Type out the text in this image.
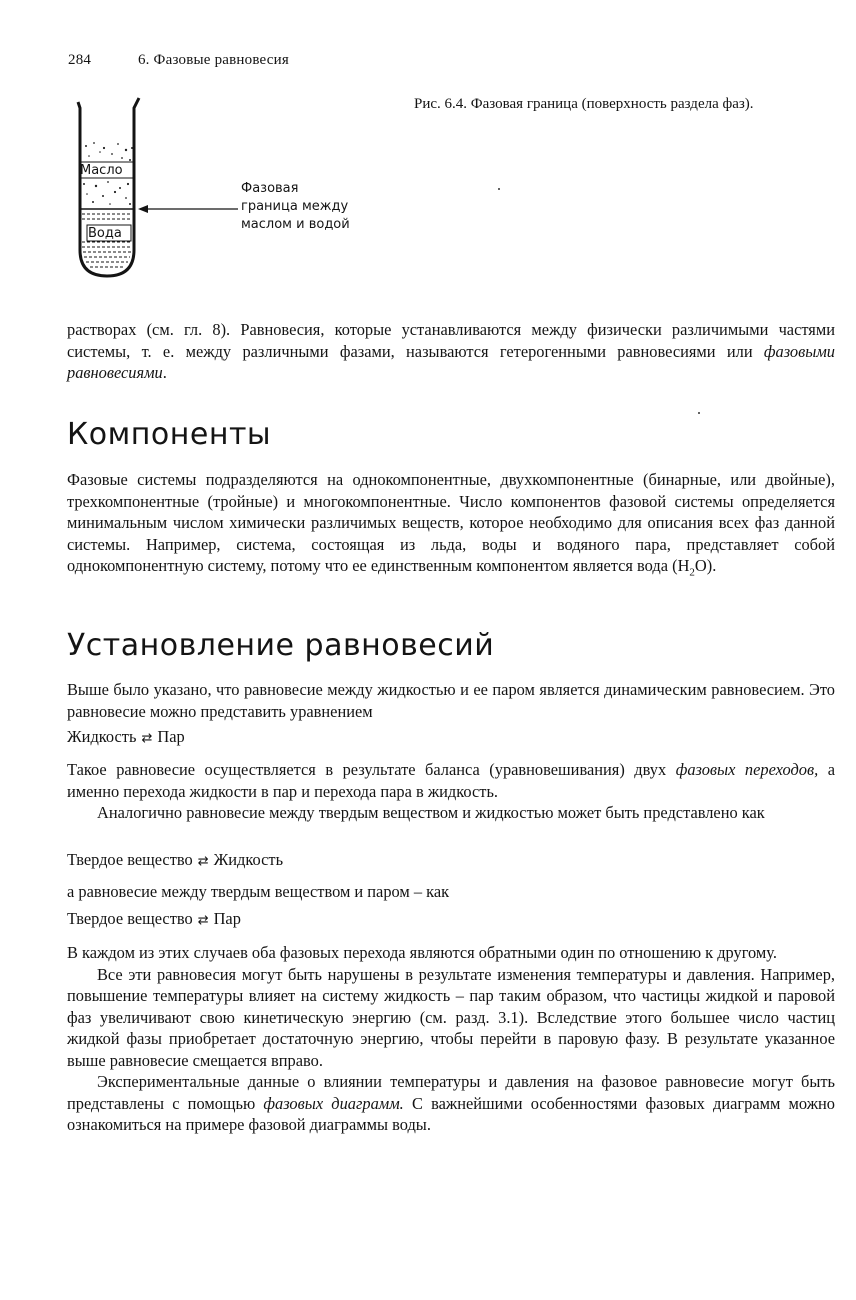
284	6. Фазовые равновесия
Рис. 6.4. Фазовая граница (поверхность раздела фаз).
Масло
Вода
Фазовая
граница между
маслом и водой

растворах (см. гл. 8). Равновесия, которые устанавливаются между физически различимыми частями системы, т. е. между различными фазами, называются гетерогенными равновесиями или фазовыми равновесиями.

Компоненты

Фазовые системы подразделяются на однокомпонентные, двухкомпонентные (бинарные, или двойные), трехкомпонентные (тройные) и многокомпонентные. Число компонентов фазовой системы определяется минимальным числом химически различимых веществ, которое необходимо для описания всех фаз данной системы. Например, система, состоящая из льда, воды и водяного пара, представляет собой однокомпонентную систему, потому что ее единственным компонентом является вода $(H_2O)$.

Установление равновесий
Выше было указано, что равновесие между жидкостью и ее паром является динамическим равновесием. Это равновесие можно представить уравнением
Жидкость ⇄ Пар

Такое равновесие осуществляется в результате баланса (уравновешивания) двух фазовых переходов, а именно перехода жидкости в пар и перехода пара в жидкость.

Аналогично равновесие между твердым веществом и жидкостью может быть представлено как

Твердое вещество ⇄ Жидкость
а равновесие между твердым веществом и паром – как
Твердое вещество ⇄ Пар

В каждом из этих случаев оба фазовых перехода являются обратными один по отношению к другому.

Все эти равновесия могут быть нарушены в результате изменения температуры и давления. Например, повышение температуры влияет на систему жидкость – пар таким образом, что частицы жидкой и паровой фаз увеличивают свою кинетическую энергию (см. разд. 3.1). Вследствие этого большее число частиц жидкой фазы приобретает достаточную энергию, чтобы перейти в паровую фазу. В результате указанное выше равновесие смещается вправо.

Экспериментальные данные о влиянии температуры и давления на фазовое равновесие могут быть представлены с помощью фазовых диаграмм. С важнейшими особенностями фазовых диаграмм можно ознакомиться на примере фазовой диаграммы воды.
